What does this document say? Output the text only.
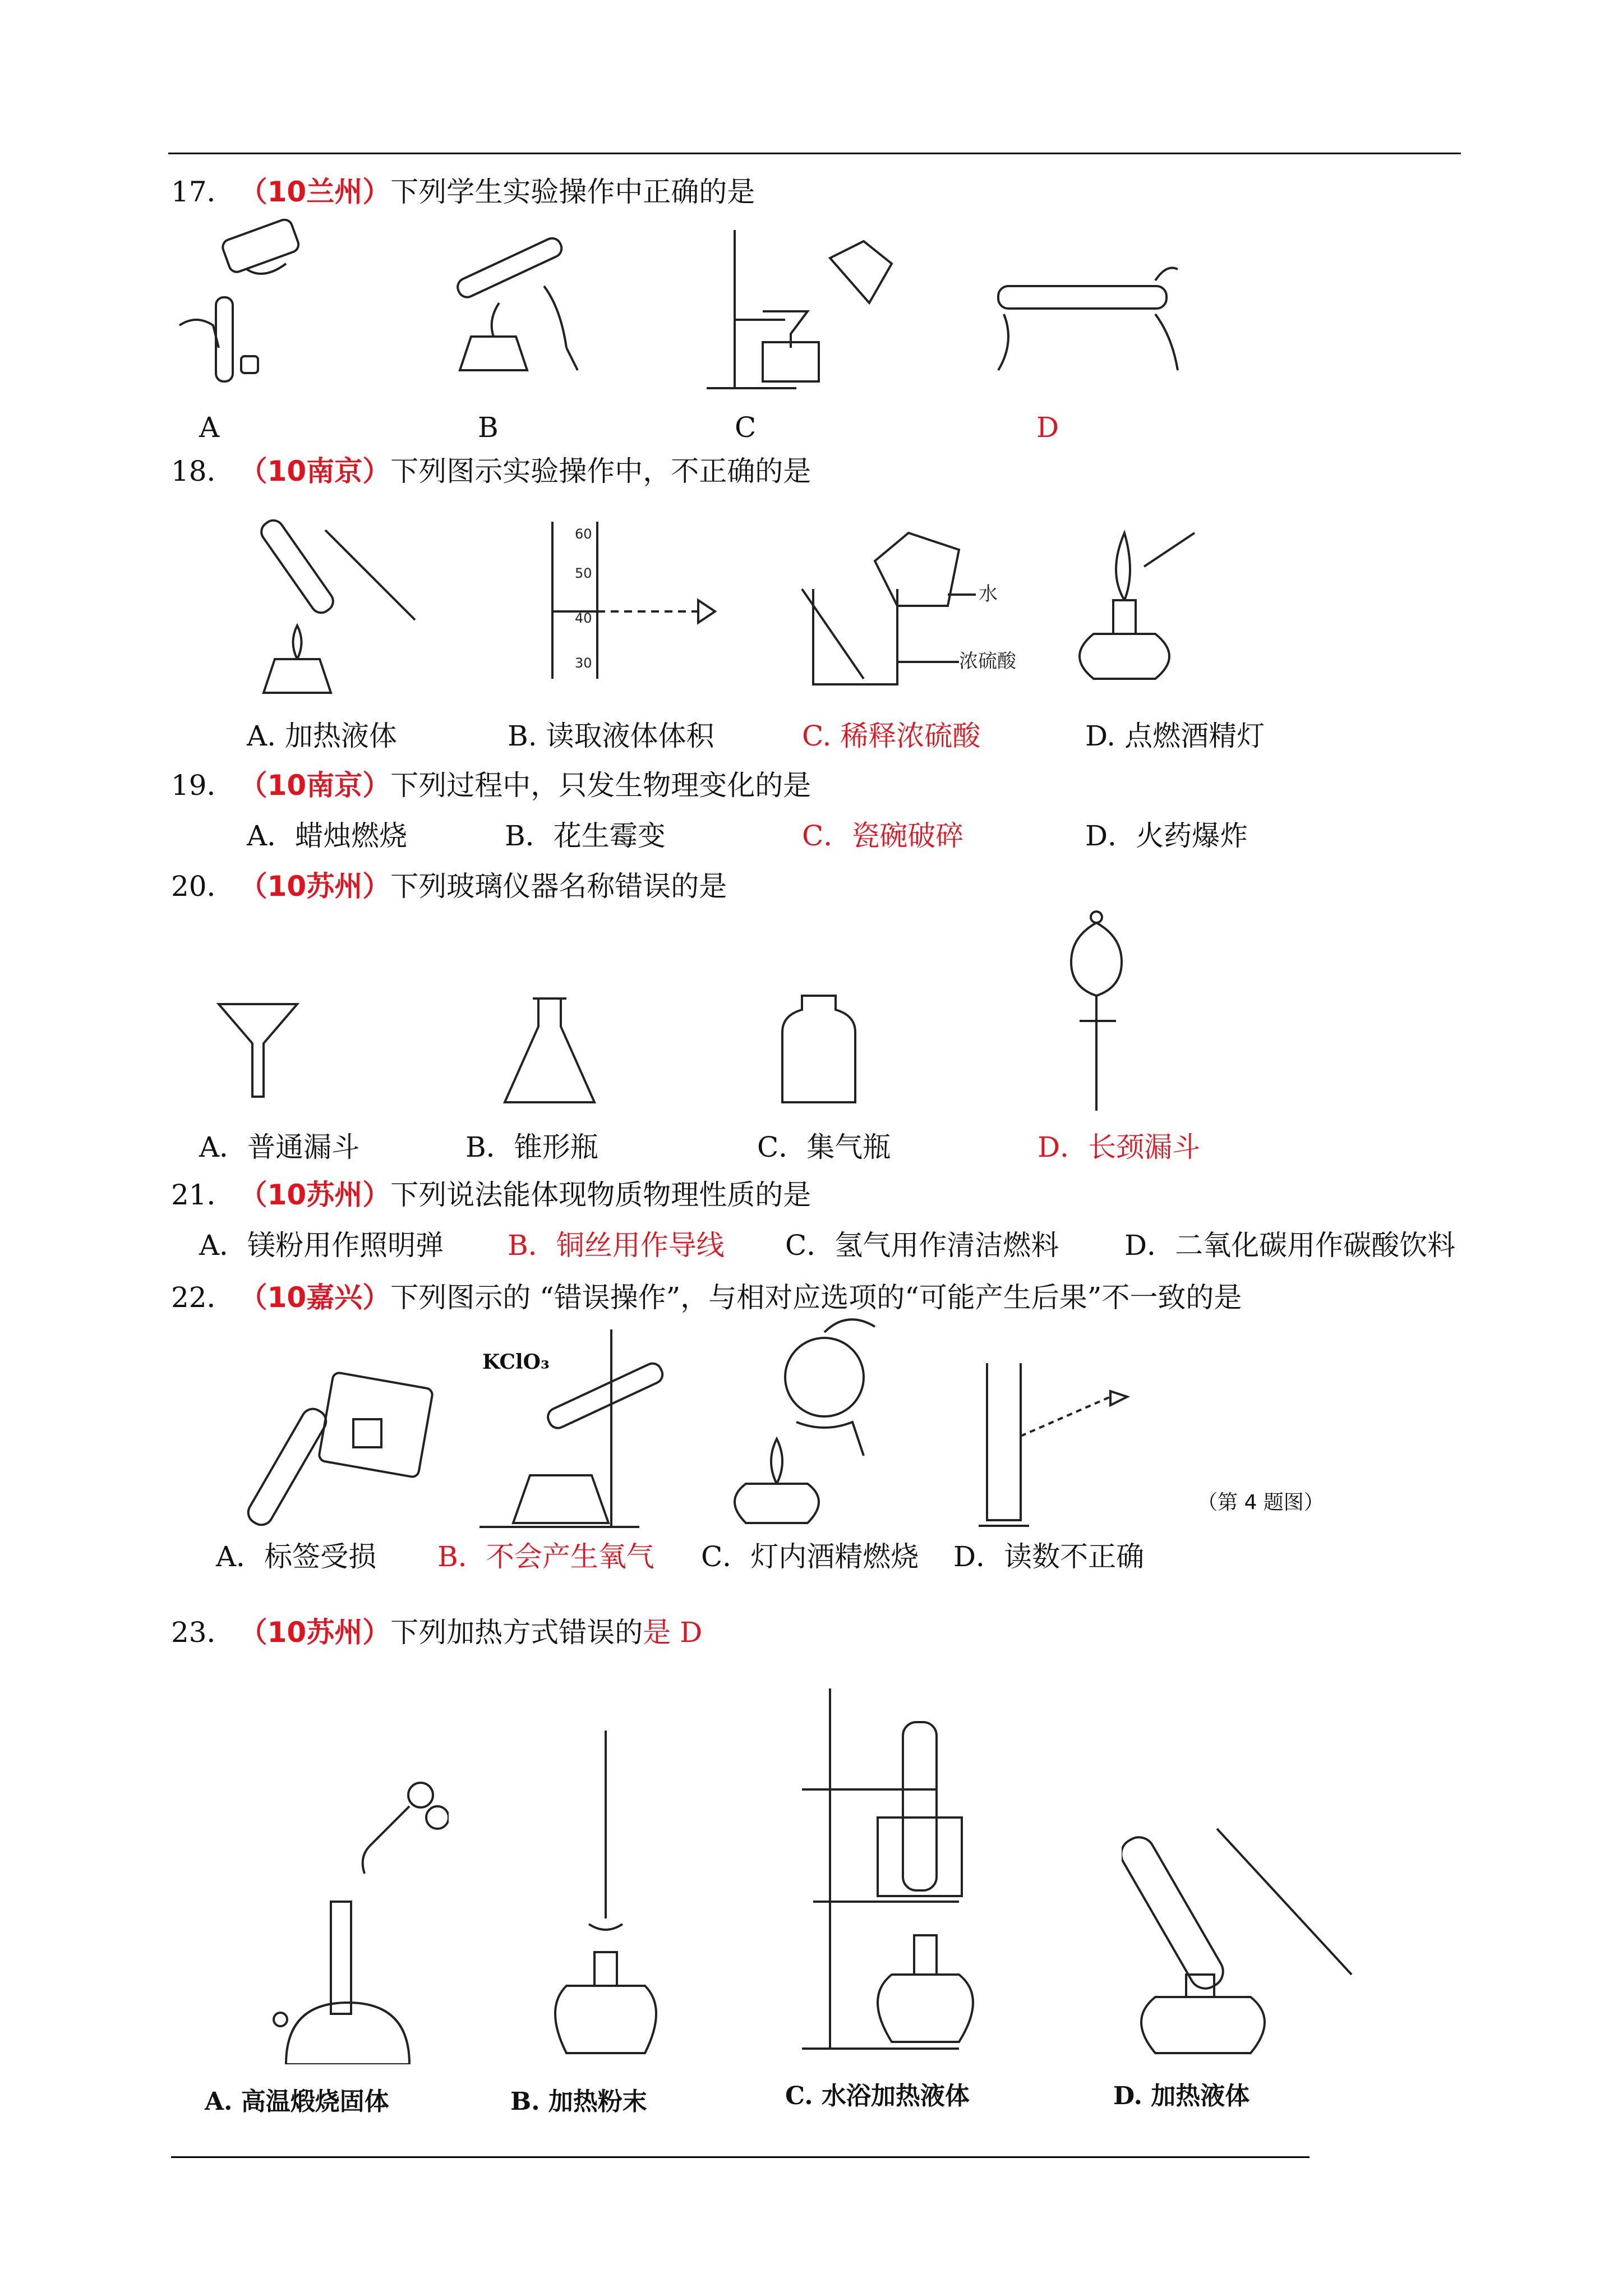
17． （10兰州）下列学生实验操作中正确的是
A	B	C	D
18． （10南京）下列图示实验操作中，不正确的是
60
50
40
30
水
浓硫酸
A. 加热液体	B. 读取液体体积	C. 稀释浓硫酸	D. 点燃酒精灯
19． （10南京）下列过程中，只发生物理变化的是
A．蜡烛燃烧	B．花生霉变	C．瓷碗破碎	D．火药爆炸
20． （10苏州）下列玻璃仪器名称错误的是
A．普通漏斗	B．锥形瓶	C．集气瓶	D．长颈漏斗
21． （10苏州）下列说法能体现物质物理性质的是
A．镁粉用作照明弹 B．铜丝用作导线 C．氢气用作清洁燃料 D．二氧化碳用作碳酸饮料
22． （10嘉兴）下列图示的 “错误操作”，与相对应选项的“可能产生后果”不一致的是
KClO₃
（第 4 题图）
A．标签受损 B．不会产生氧气 C．灯内酒精燃烧 D．读数不正确
23． （10苏州）下列加热方式错误的是 D
A. 高温煅烧固体	B. 加热粉末	C. 水浴加热液体	D. 加热液体
